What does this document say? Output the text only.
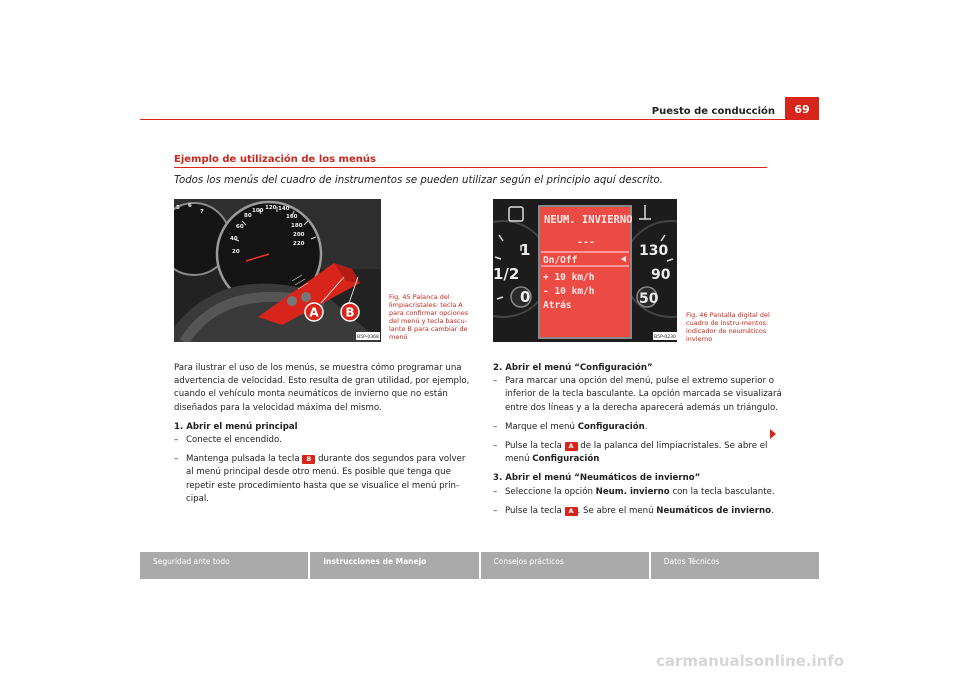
Puesto de conducción	69
Ejemplo de utilización de los menús
Todos los menús del cuadro de instrumentos se pueden utilizar según el principio aquí descrito.
5 6
7
20
40
60
80
100 120 140
160
180
200
220
A B
B5P-0368
Fig. 45 Palanca del limpiacristales: tecla A para confirmar opciones del menú y tecla bascu-lante B para cambiar de menú
1
1/2
0
130
90
50
NEUM. INVIERNO
---
On/Off
+ 10 km/h
- 10 km/h
Atrás
B5P-0230
Fig. 46 Pantalla digital del cuadro de instru-mentos: indicador de neumáticos invierno

Para ilustrar el uso de los menús, se muestra cómo programar una advertencia de velocidad. Esto resulta de gran utilidad, por ejemplo, cuando el vehículo monta neumáticos de invierno que no están diseñados para la velocidad máxima del mismo.

1. Abrir el menú principal

– Conecte el encendido.
– Mantenga pulsada la tecla B durante dos segundos para volver al menú principal desde otro menú. Es posible que tenga que repetir este procedimiento hasta que se visualice el menú prin-cipal.

2. Abrir el menú “Configuración”

– Para marcar una opción del menú, pulse el extremo superior o inferior de la tecla basculante. La opción marcada se visualizará entre dos líneas y a la derecha aparecerá además un triángulo.
– Marque el menú Configuración.
– Pulse la tecla A de la palanca del limpiacristales. Se abre el menú Configuración

3. Abrir el menú “Neumáticos de invierno”

– Seleccione la opción Neum. invierno con la tecla basculante.
– Pulse la tecla A . Se abre el menú Neumáticos de invierno.
Seguridad ante todo	Instrucciones de Manejo	Consejos prácticos	Datos Técnicos
carmanualsonline.info
